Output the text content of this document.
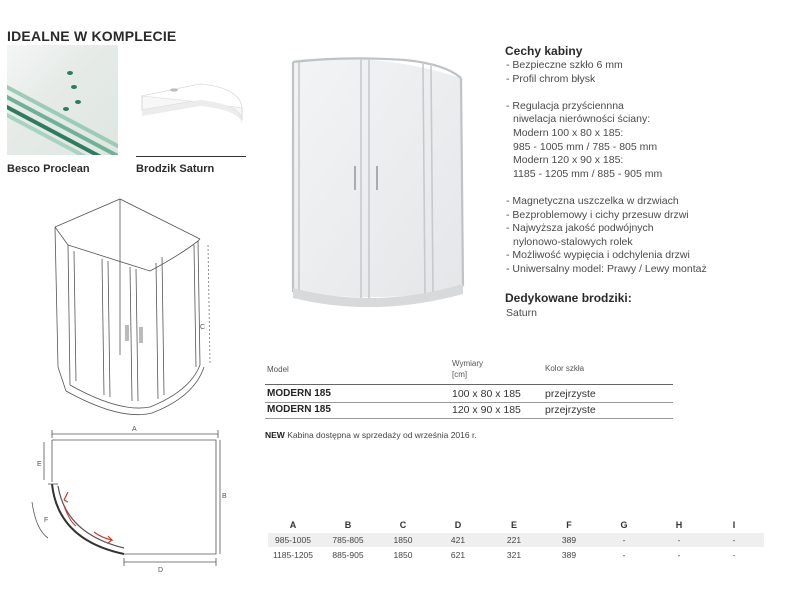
IDEALNE W KOMPLECIE
Besco Proclean	Brodzik Saturn
C
A
B
D
E
F
Cechy kabiny
- Bezpieczne szkło 6 mm
- Profil chrom błysk
- Regulacja przyściennna
niwelacja nierówności ściany:
Modern 100 x 80 x 185:
985 - 1005 mm / 785 - 805 mm
Modern 120 x 90 x 185:
1185 - 1205 mm / 885 - 905 mm
- Magnetyczna uszczelka w drzwiach
- Bezproblemowy i cichy przesuw drzwi
- Najwyższa jakość podwójnych
nylonowo-stalowych rolek
- Możliwość wypięcia i odchylenia drzwi
- Uniwersalny model: Prawy / Lewy montaż
Dedykowane brodziki:
Saturn
Model
Wymiary
[cm]
Kolor szkła
MODERN 185	100 x 80 x 185 przejrzyste
MODERN 185	120 x 90 x 185 przejrzyste
NEW Kabina dostępna w sprzedaży od września 2016 r.
A	B	C	D	E	F	G	H	I
985-1005	785-805	1850	421	221	389	-	-	-
1185-1205	885-905	1850	621	321	389	-	-	-
